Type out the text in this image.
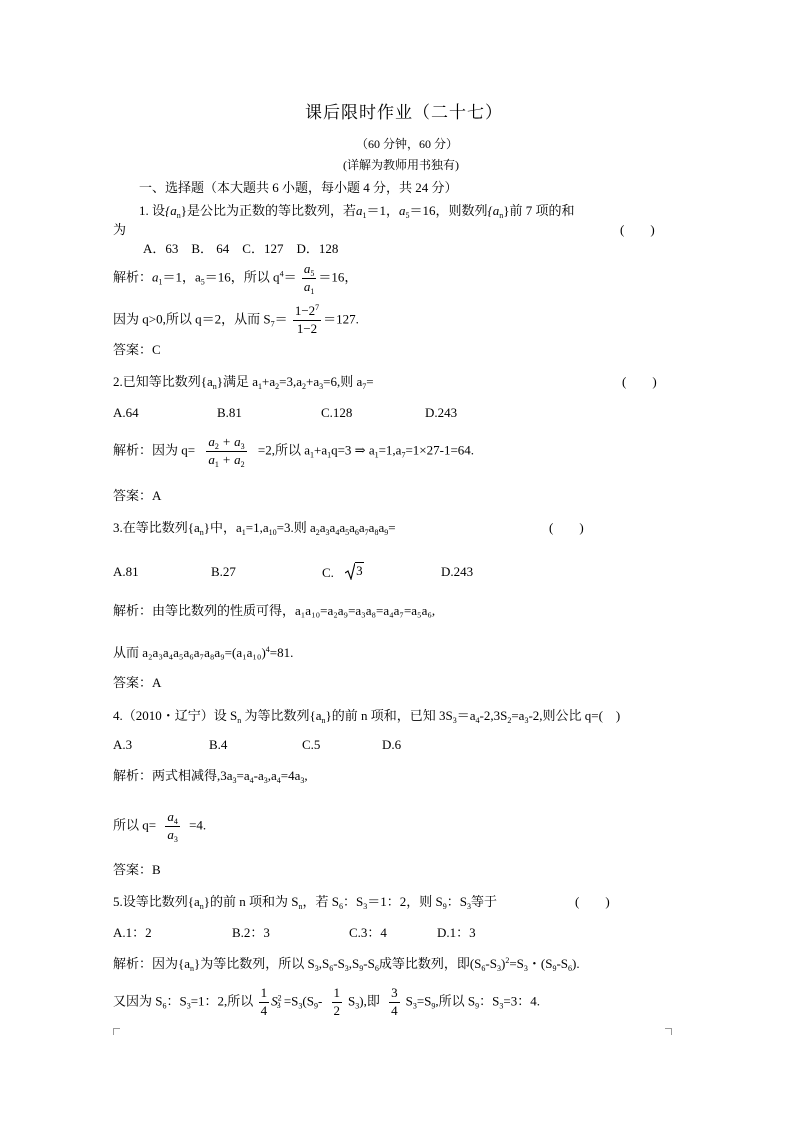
课后限时作业（二十七）
（60 分钟，60 分）
(详解为教师用书独有)
一、选择题（本大题共 6 小题，每小题 4 分，共 24 分）
1. 设$\{a_n\}$是公比为正数的等比数列，若$a_1=1$，$a_5=16$，则数列$\{a_n\}$前 7 项的和
为	(　　)
A．63　B． 64　C．127　D．128
解析：$a_1=1$，$a_5=16$，所以 $q^4= \frac{a_5}{a_1} =16$，
因为 q>0,所以 q＝2，从而 $S_7= \frac{1-2^7}{1-2} =127$.
答案：C
2.已知等比数列$\{a_n\}$满足 $a_1+a_2=3,a_2+a_3=6$,则 $a_7=$	(　　)
A.64	B.81	C.128	D.243
解析：因为 $q= \frac{a_2 + a_3}{a_1 + a_2} =2$,所以 $a_1+a_1q=3$ ⇒ $a_1=1,a_7=1\times 27-1=64$.
答案：A
3.在等比数列$\{a_n\}$中，$a_1=1,a_{10}=3$.则 $a_2a_3a_4a_5a_6a_7a_8a_9=$	(　　)
A.81	B.27	C. 3	D.243
解析：由等比数列的性质可得，a₁a₁₀=a₂a₉=a₃a₈=a₄a₇=a₅a₆,
从而 $a_2a_3a_4a_5a_6a_7a_8a_9=(a_1a_{10})^4=81$.
答案：A
4.（2010・辽宁）设 $S_n$ 为等比数列$\{a_n\}$的前 n 项和，已知 $3S_3=a_4-2,3S_2=a_3-2$,则公比 q=(　)
A.3	B.4	C.5	D.6
解析：两式相减得$,3a_3=a_4-a_3,a_4=4a_3$,
所以 $q= \frac{a_4}{a_3} =4$.
答案：B
5.设等比数列$\{a_n\}$的前 n 项和为 $S_n$，若 $S_6$：$S_3=1$：2，则 $S_9$：$S_3$等于	(　　)
A.1：2	B.2：3	C.3：4	D.1：3
解析：因为$\{a_n\}$为等比数列，所以 $S_3,S_6-S_3,S_9-S_6$成等比数列，即$(S_6-S_3)^2=S_3$・$(S_9-S_6)$.
又因为 $S_6$：$S_3=1$：2,所以 $\frac{1}{4} S^2_3 =S_3(S_9- \frac{1}{2} S_3)$,即 $\frac{3}{4} S_3=S_9$,所以 $S_9$：$S_3=3$：4.
